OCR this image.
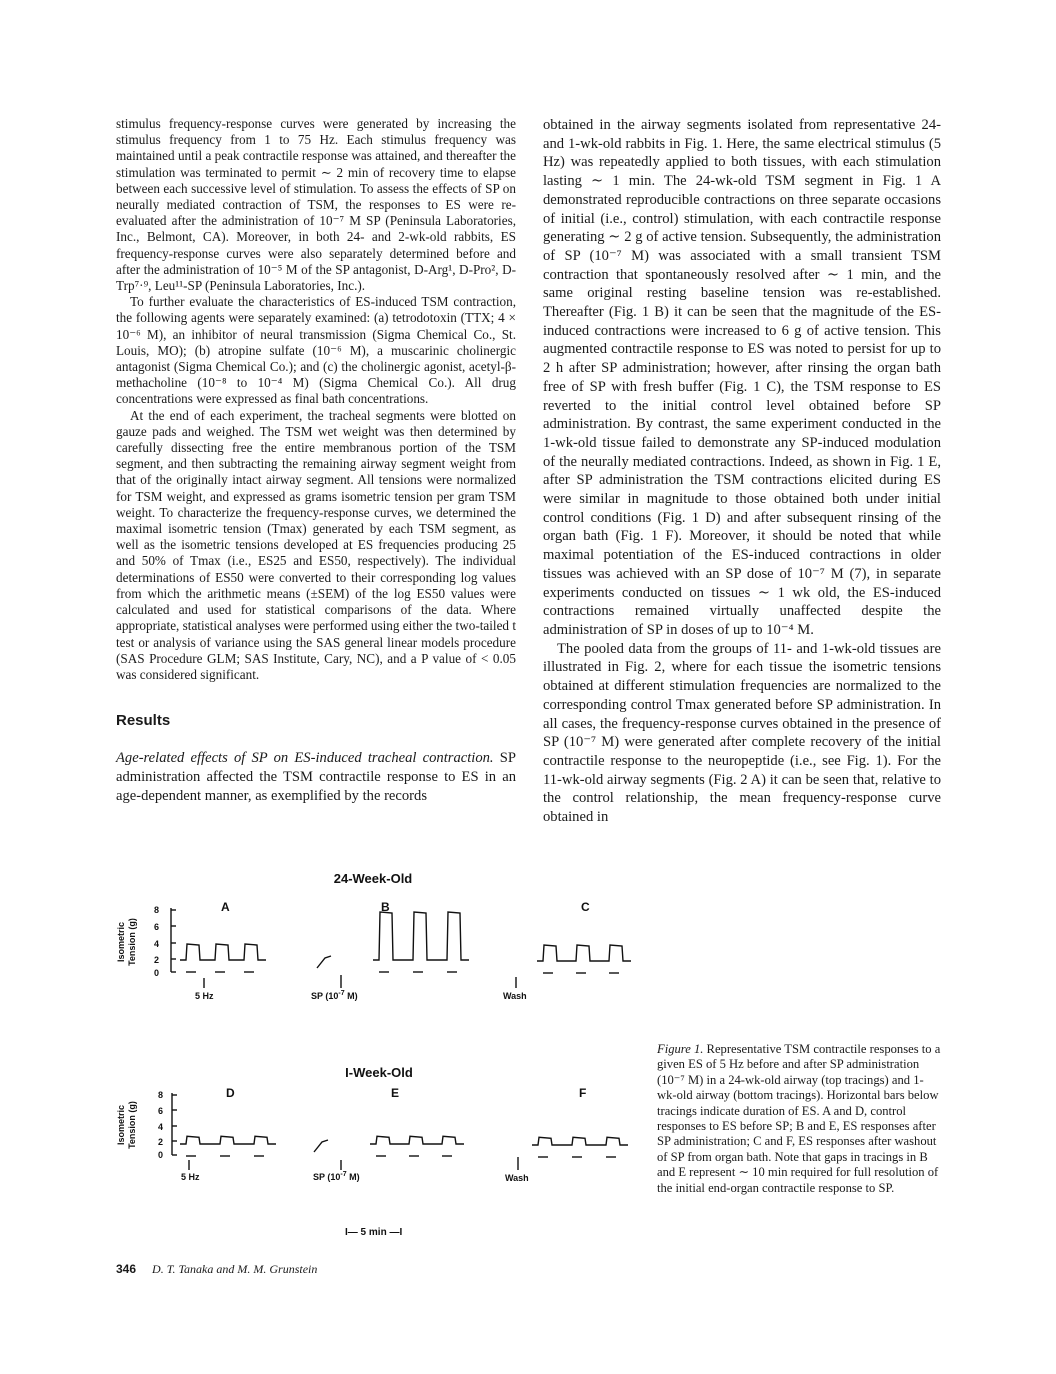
stimulus frequency-response curves were generated by increasing the stimulus frequency from 1 to 75 Hz. Each stimulus frequency was maintained until a peak contractile response was attained, and thereafter the stimulation was terminated to permit ∼ 2 min of recovery time to elapse between each successive level of stimulation. To assess the effects of SP on neurally mediated contraction of TSM, the responses to ES were re-evaluated after the administration of 10⁻⁷ M SP (Peninsula Laboratories, Inc., Belmont, CA). Moreover, in both 24- and 2-wk-old rabbits, ES frequency-response curves were also separately determined before and after the administration of 10⁻⁵ M of the SP antagonist, D-Arg¹, D-Pro², D-Trp⁷·⁹, Leu¹¹-SP (Peninsula Laboratories, Inc.).

To further evaluate the characteristics of ES-induced TSM contraction, the following agents were separately examined: (a) tetrodotoxin (TTX; 4 × 10⁻⁶ M), an inhibitor of neural transmission (Sigma Chemical Co., St. Louis, MO); (b) atropine sulfate (10⁻⁶ M), a muscarinic cholinergic antagonist (Sigma Chemical Co.); and (c) the cholinergic agonist, acetyl-β-methacholine (10⁻⁸ to 10⁻⁴ M) (Sigma Chemical Co.). All drug concentrations were expressed as final bath concentrations.

At the end of each experiment, the tracheal segments were blotted on gauze pads and weighed. The TSM wet weight was then determined by carefully dissecting free the entire membranous portion of the TSM segment, and then subtracting the remaining airway segment weight from that of the originally intact airway segment. All tensions were normalized for TSM weight, and expressed as grams isometric tension per gram TSM weight. To characterize the frequency-response curves, we determined the maximal isometric tension (Tmax) generated by each TSM segment, as well as the isometric tensions developed at ES frequencies producing 25 and 50% of Tmax (i.e., ES25 and ES50, respectively). The individual determinations of ES50 were converted to their corresponding log values from which the arithmetic means (±SEM) of the log ES50 values were calculated and used for statistical comparisons of the data. Where appropriate, statistical analyses were performed using either the two-tailed t test or analysis of variance using the SAS general linear models procedure (SAS Procedure GLM; SAS Institute, Cary, NC), and a P value of < 0.05 was considered significant.

Results

Age-related effects of SP on ES-induced tracheal contraction. SP administration affected the TSM contractile response to ES in an age-dependent manner, as exemplified by the records

obtained in the airway segments isolated from representative 24- and 1-wk-old rabbits in Fig. 1. Here, the same electrical stimulus (5 Hz) was repeatedly applied to both tissues, with each stimulation lasting ∼ 1 min. The 24-wk-old TSM segment in Fig. 1 A demonstrated reproducible contractions on three separate occasions of initial (i.e., control) stimulation, with each contractile response generating ∼ 2 g of active tension. Subsequently, the administration of SP (10⁻⁷ M) was associated with a small transient TSM contraction that spontaneously resolved after ∼ 1 min, and the same original resting baseline tension was re-established. Thereafter (Fig. 1 B) it can be seen that the magnitude of the ES-induced contractions were increased to 6 g of active tension. This augmented contractile response to ES was noted to persist for up to 2 h after SP administration; however, after rinsing the organ bath free of SP with fresh buffer (Fig. 1 C), the TSM response to ES reverted to the initial control level obtained before SP administration. By contrast, the same experiment conducted in the 1-wk-old tissue failed to demonstrate any SP-induced modulation of the neurally mediated contractions. Indeed, as shown in Fig. 1 E, after SP administration the TSM contractions elicited during ES were similar in magnitude to those obtained both under initial control conditions (Fig. 1 D) and after subsequent rinsing of the organ bath (Fig. 1 F). Moreover, it should be noted that while maximal potentiation of the ES-induced contractions in older tissues was achieved with an SP dose of 10⁻⁷ M (7), in separate experiments conducted on tissues ∼ 1 wk old, the ES-induced contractions remained virtually unaffected despite the administration of SP in doses of up to 10⁻⁴ M.

The pooled data from the groups of 11- and 1-wk-old tissues are illustrated in Fig. 2, where for each tissue the isometric tensions obtained at different stimulation frequencies are normalized to the corresponding control Tmax generated before SP administration. In all cases, the frequency-response curves obtained in the presence of SP (10⁻⁷ M) were generated after complete recovery of the initial contractile response to the neuropeptide (i.e., see Fig. 1). For the 11-wk-old airway segments (Fig. 2 A) it can be seen that, relative to the control relationship, the mean frequency-response curve obtained in

24-Week-Old
I-Week-Old
A	B	C
D	E	F
Isometric Tension (g)
8
6
4
2
0
Isometric Tension (g)
8
6
4
2
0
5 Hz	SP ($10^{-7}$ M)	Wash
5 Hz	SP ($10^{-7}$ M)	Wash
I— 5 min —I
Figure 1. Representative TSM contractile responses to a given ES of 5 Hz before and after SP administration (10⁻⁷ M) in a 24-wk-old airway (top tracings) and 1-wk-old airway (bottom tracings). Horizontal bars below tracings indicate duration of ES. A and D, control responses to ES before SP; B and E, ES responses after SP administration; C and F, ES responses after washout of SP from organ bath. Note that gaps in tracings in B and E represent ∼ 10 min required for full resolution of the initial end-organ contractile response to SP.
346 D. T. Tanaka and M. M. Grunstein
